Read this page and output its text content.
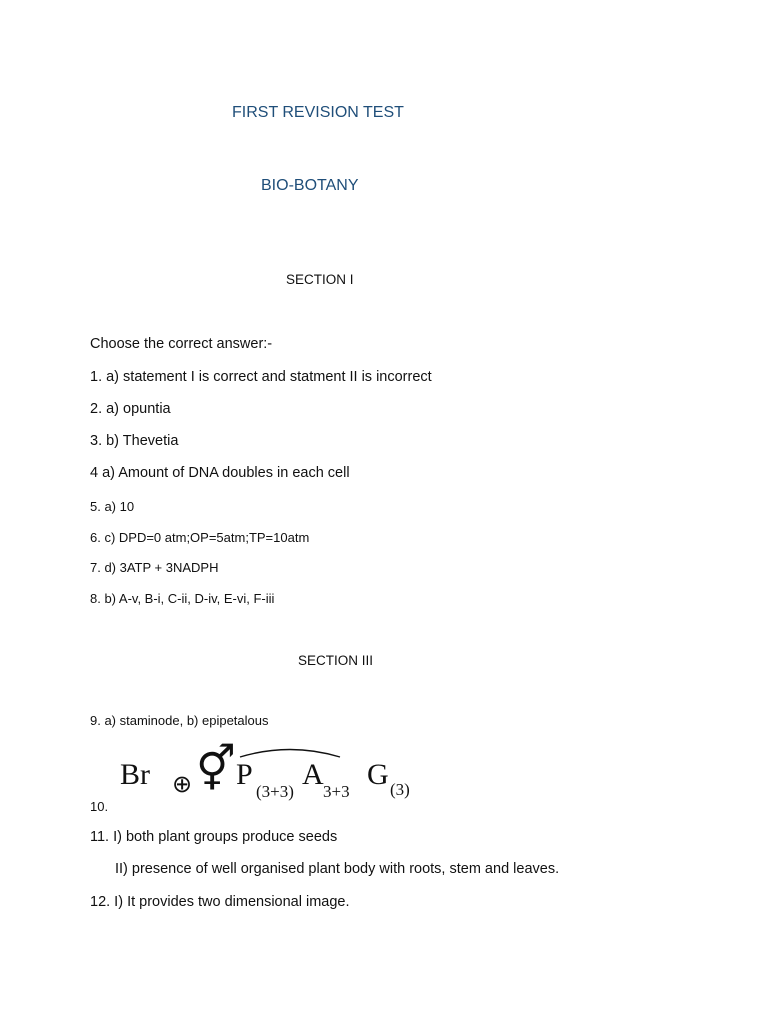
FIRST REVISION TEST
BIO-BOTANY
SECTION I
Choose the correct answer:-
1. a) statement I is correct and statment II is incorrect
2. a) opuntia
3. b) Thevetia
4 a) Amount of DNA doubles in each cell
5. a) 10
6. c) DPD=0 atm;OP=5atm;TP=10atm
7. d) 3ATP + 3NADPH
8. b) A-v, B-i, C-ii, D-iv, E-vi, F-iii
SECTION III
9. a) staminode, b) epipetalous
10.
Br ⊕ ⚥ P
(3+3)
A
3+3
G (3)
11. I) both plant groups produce seeds
II) presence of well organised plant body with roots, stem and leaves.
12. I) It provides two dimensional image.
